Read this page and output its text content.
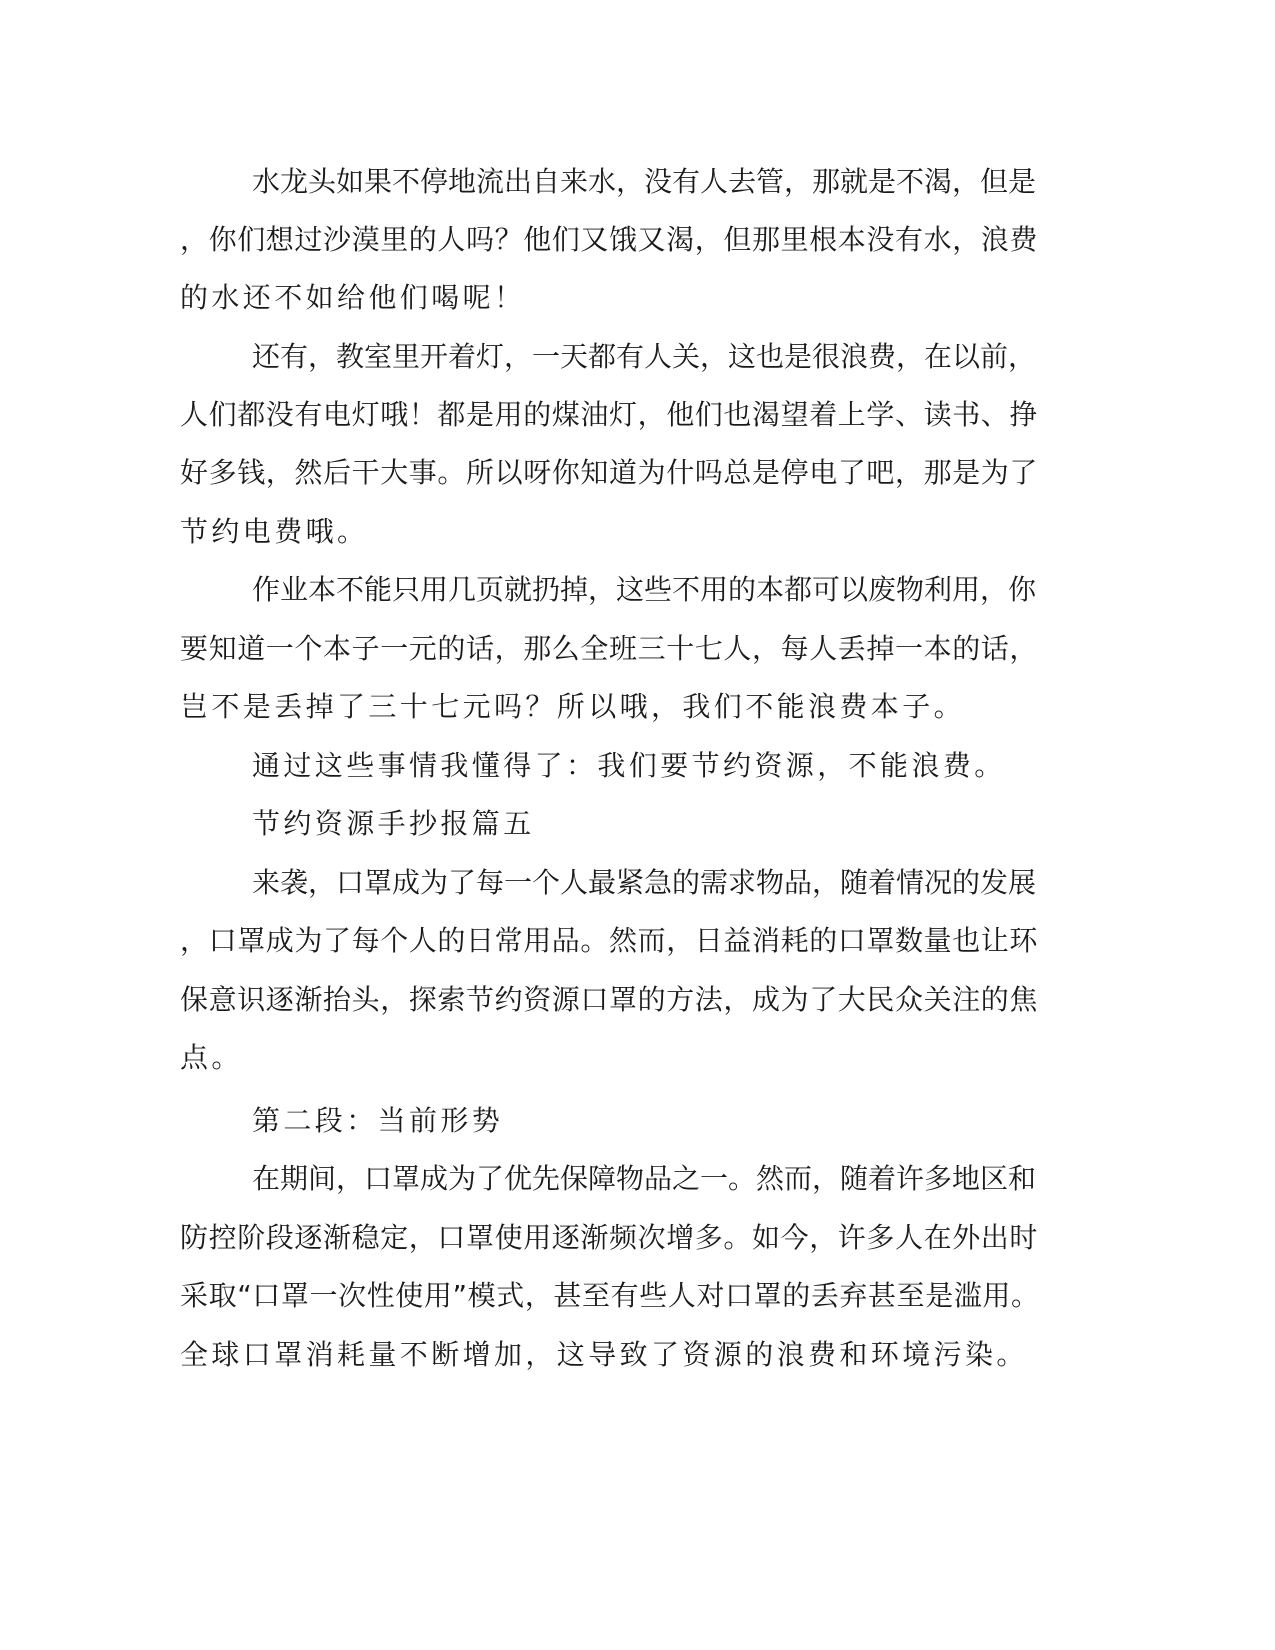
水龙头如果不停地流出自来水，没有人去管，那就是不渴，但是
，你们想过沙漠里的人吗？他们又饿又渴，但那里根本没有水，浪费
的水还不如给他们喝呢！
还有，教室里开着灯，一天都有人关，这也是很浪费，在以前，
人们都没有电灯哦！都是用的煤油灯，他们也渴望着上学、读书、挣
好多钱，然后干大事。所以呀你知道为什吗总是停电了吧，那是为了
节约电费哦。
作业本不能只用几页就扔掉，这些不用的本都可以废物利用，你
要知道一个本子一元的话，那么全班三十七人，每人丢掉一本的话，
岂不是丢掉了三十七元吗？所以哦，我们不能浪费本子。
通过这些事情我懂得了：我们要节约资源，不能浪费。
节约资源手抄报篇五
来袭，口罩成为了每一个人最紧急的需求物品，随着情况的发展
，口罩成为了每个人的日常用品。然而，日益消耗的口罩数量也让环
保意识逐渐抬头，探索节约资源口罩的方法，成为了大民众关注的焦
点。
第二段：当前形势
在期间，口罩成为了优先保障物品之一。然而，随着许多地区和
防控阶段逐渐稳定，口罩使用逐渐频次增多。如今，许多人在外出时
采取“口罩一次性使用”模式，甚至有些人对口罩的丢弃甚至是滥用。
全球口罩消耗量不断增加，这导致了资源的浪费和环境污染。
